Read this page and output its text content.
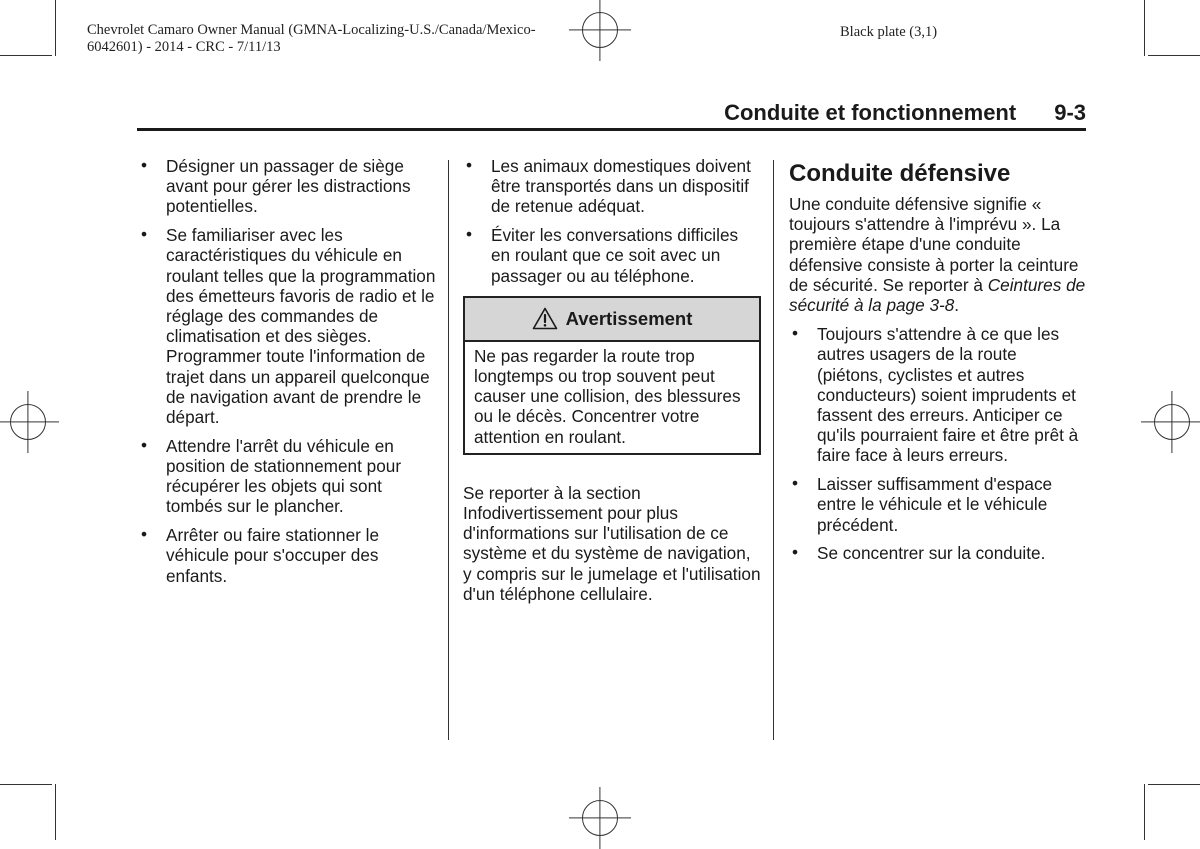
Chevrolet Camaro Owner Manual (GMNA-Localizing-U.S./Canada/Mexico-
6042601) - 2014 - CRC - 7/11/13
Black plate (3,1)
Conduite et fonctionnement 9-3
• Désigner un passager de siège avant pour gérer les distractions potentielles.
• Se familiariser avec les caractéristiques du véhicule en roulant telles que la programmation des émetteurs favoris de radio et le réglage des commandes de climatisation et des sièges. Programmer toute l'information de trajet dans un appareil quelconque de navigation avant de prendre le départ.
• Attendre l'arrêt du véhicule en position de stationnement pour récupérer les objets qui sont tombés sur le plancher.
• Arrêter ou faire stationner le véhicule pour s'occuper des enfants.
• Les animaux domestiques doivent être transportés dans un dispositif de retenue adéquat.
• Éviter les conversations difficiles en roulant que ce soit avec un passager ou au téléphone.
Avertissement
Ne pas regarder la route trop longtemps ou trop souvent peut causer une collision, des blessures ou le décès. Concentrer votre attention en roulant.

Se reporter à la section Infodivertissement pour plus d'informations sur l'utilisation de ce système et du système de navigation, y compris sur le jumelage et l'utilisation d'un téléphone cellulaire.

Conduite défensive

Une conduite défensive signifie « toujours s'attendre à l'imprévu ». La première étape d'une conduite défensive consiste à porter la ceinture de sécurité. Se reporter à Ceintures de sécurité à la page 3-8.

• Toujours s'attendre à ce que les autres usagers de la route (piétons, cyclistes et autres conducteurs) soient imprudents et fassent des erreurs. Anticiper ce qu'ils pourraient faire et être prêt à faire face à leurs erreurs.
• Laisser suffisamment d'espace entre le véhicule et le véhicule précédent.
• Se concentrer sur la conduite.
